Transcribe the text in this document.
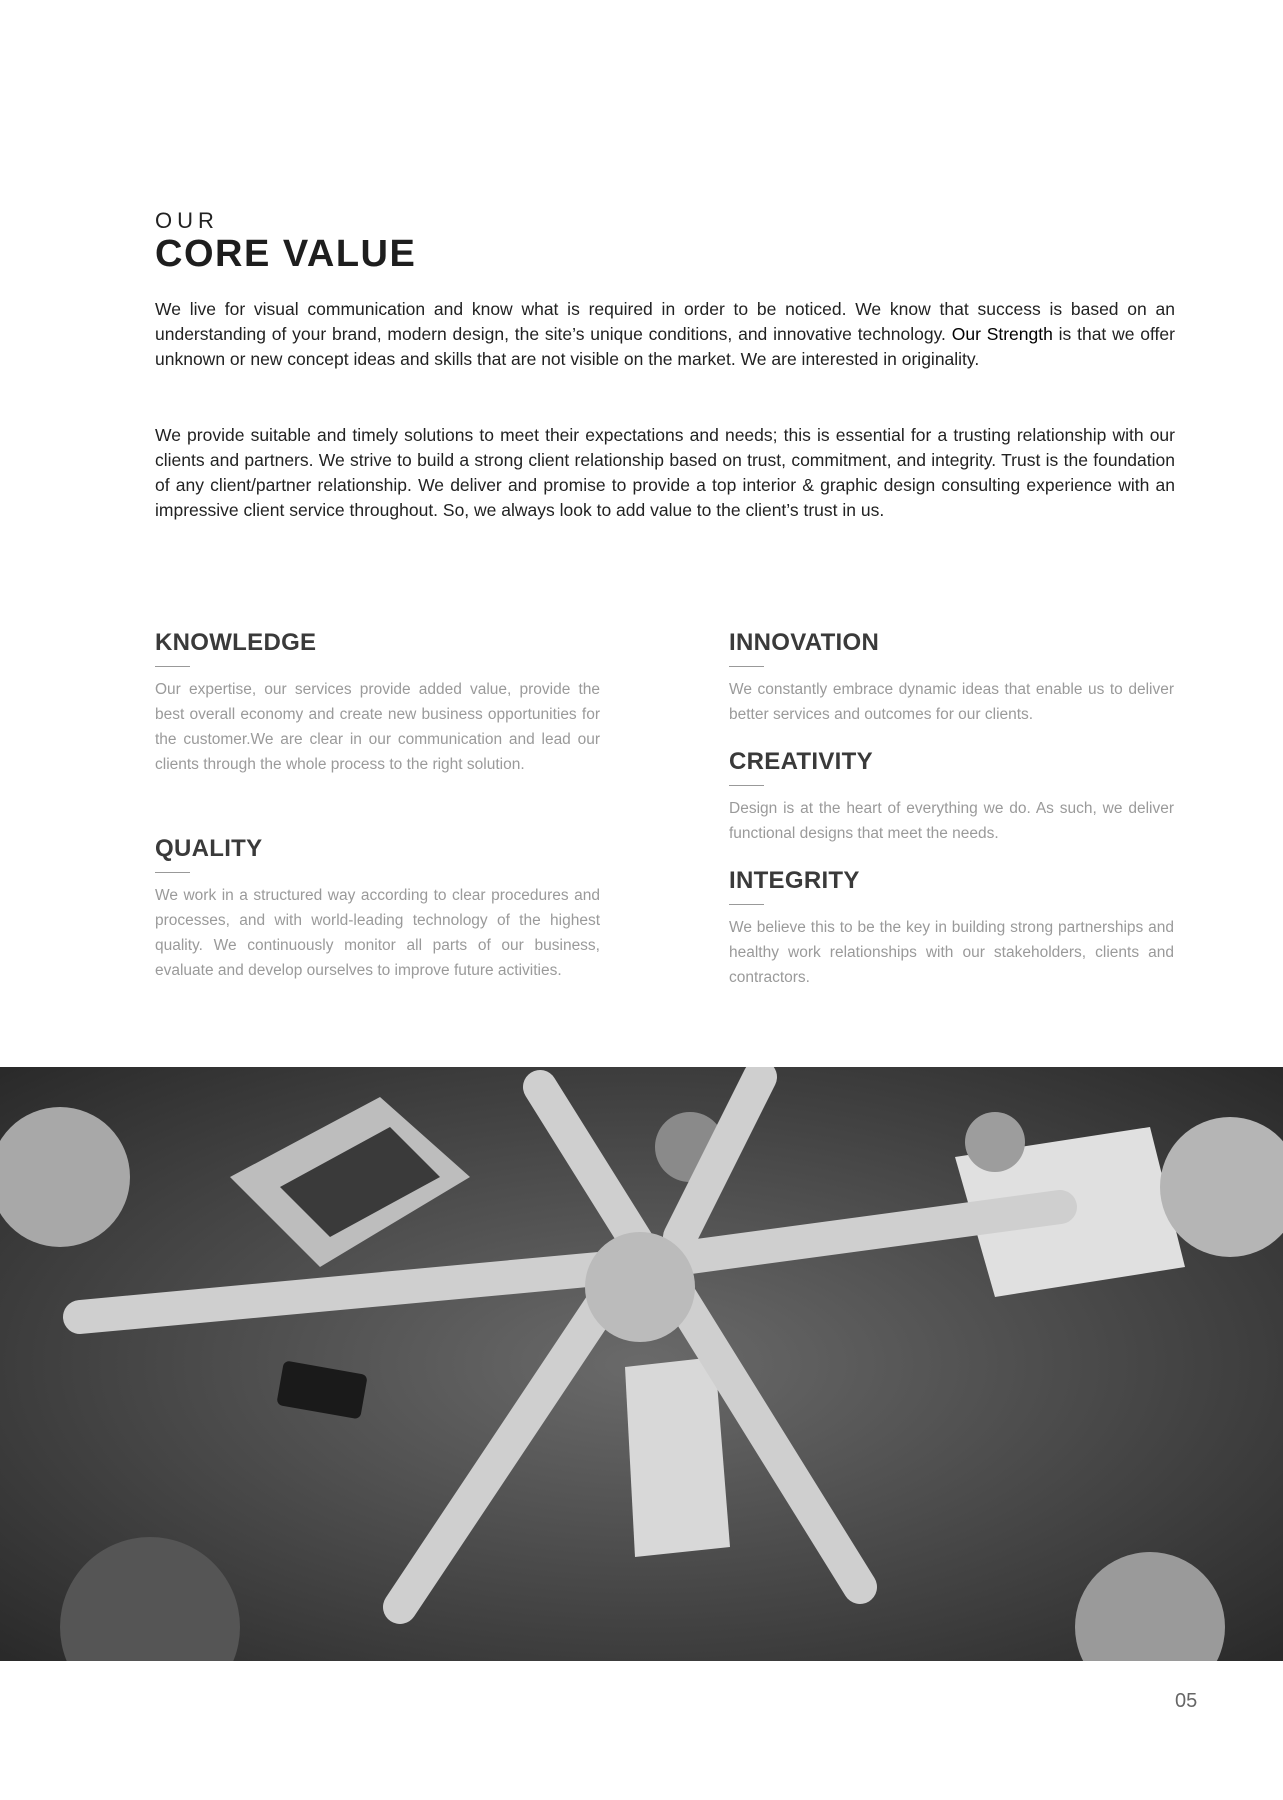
OUR
CORE VALUE

We live for visual communication and know what is required in order to be noticed. We know that success is based on an understanding of your brand, modern design, the site’s unique conditions, and innovative technology. Our Strength is that we offer unknown or new concept ideas and skills that are not visible on the market. We are interested in originality.

We provide suitable and timely solutions to meet their expectations and needs; this is essential for a trusting relationship with our clients and partners. We strive to build a strong client relationship based on trust, commitment, and integrity. Trust is the foundation of any client/partner relationship. We deliver and promise to provide a top interior & graphic design consulting experience with an impressive client service throughout. So, we always look to add value to the client’s trust in us.

KNOWLEDGE

Our expertise, our services provide added value, provide the best overall economy and create new business opportunities for the customer.We are clear in our communication and lead our clients through the whole process to the right solution.

QUALITY

We work in a structured way according to clear procedures and processes, and with world-leading technology of the highest quality. We continuously monitor all parts of our business, evaluate and develop ourselves to improve future activities.

INNOVATION

We constantly embrace dynamic ideas that enable us to deliver better services and outcomes for our clients.

CREATIVITY

Design is at the heart of everything we do. As such, we deliver functional designs that meet the needs.

INTEGRITY

We believe this to be the key in building strong partnerships and healthy work relationships with our stakeholders, clients and contractors.

05
